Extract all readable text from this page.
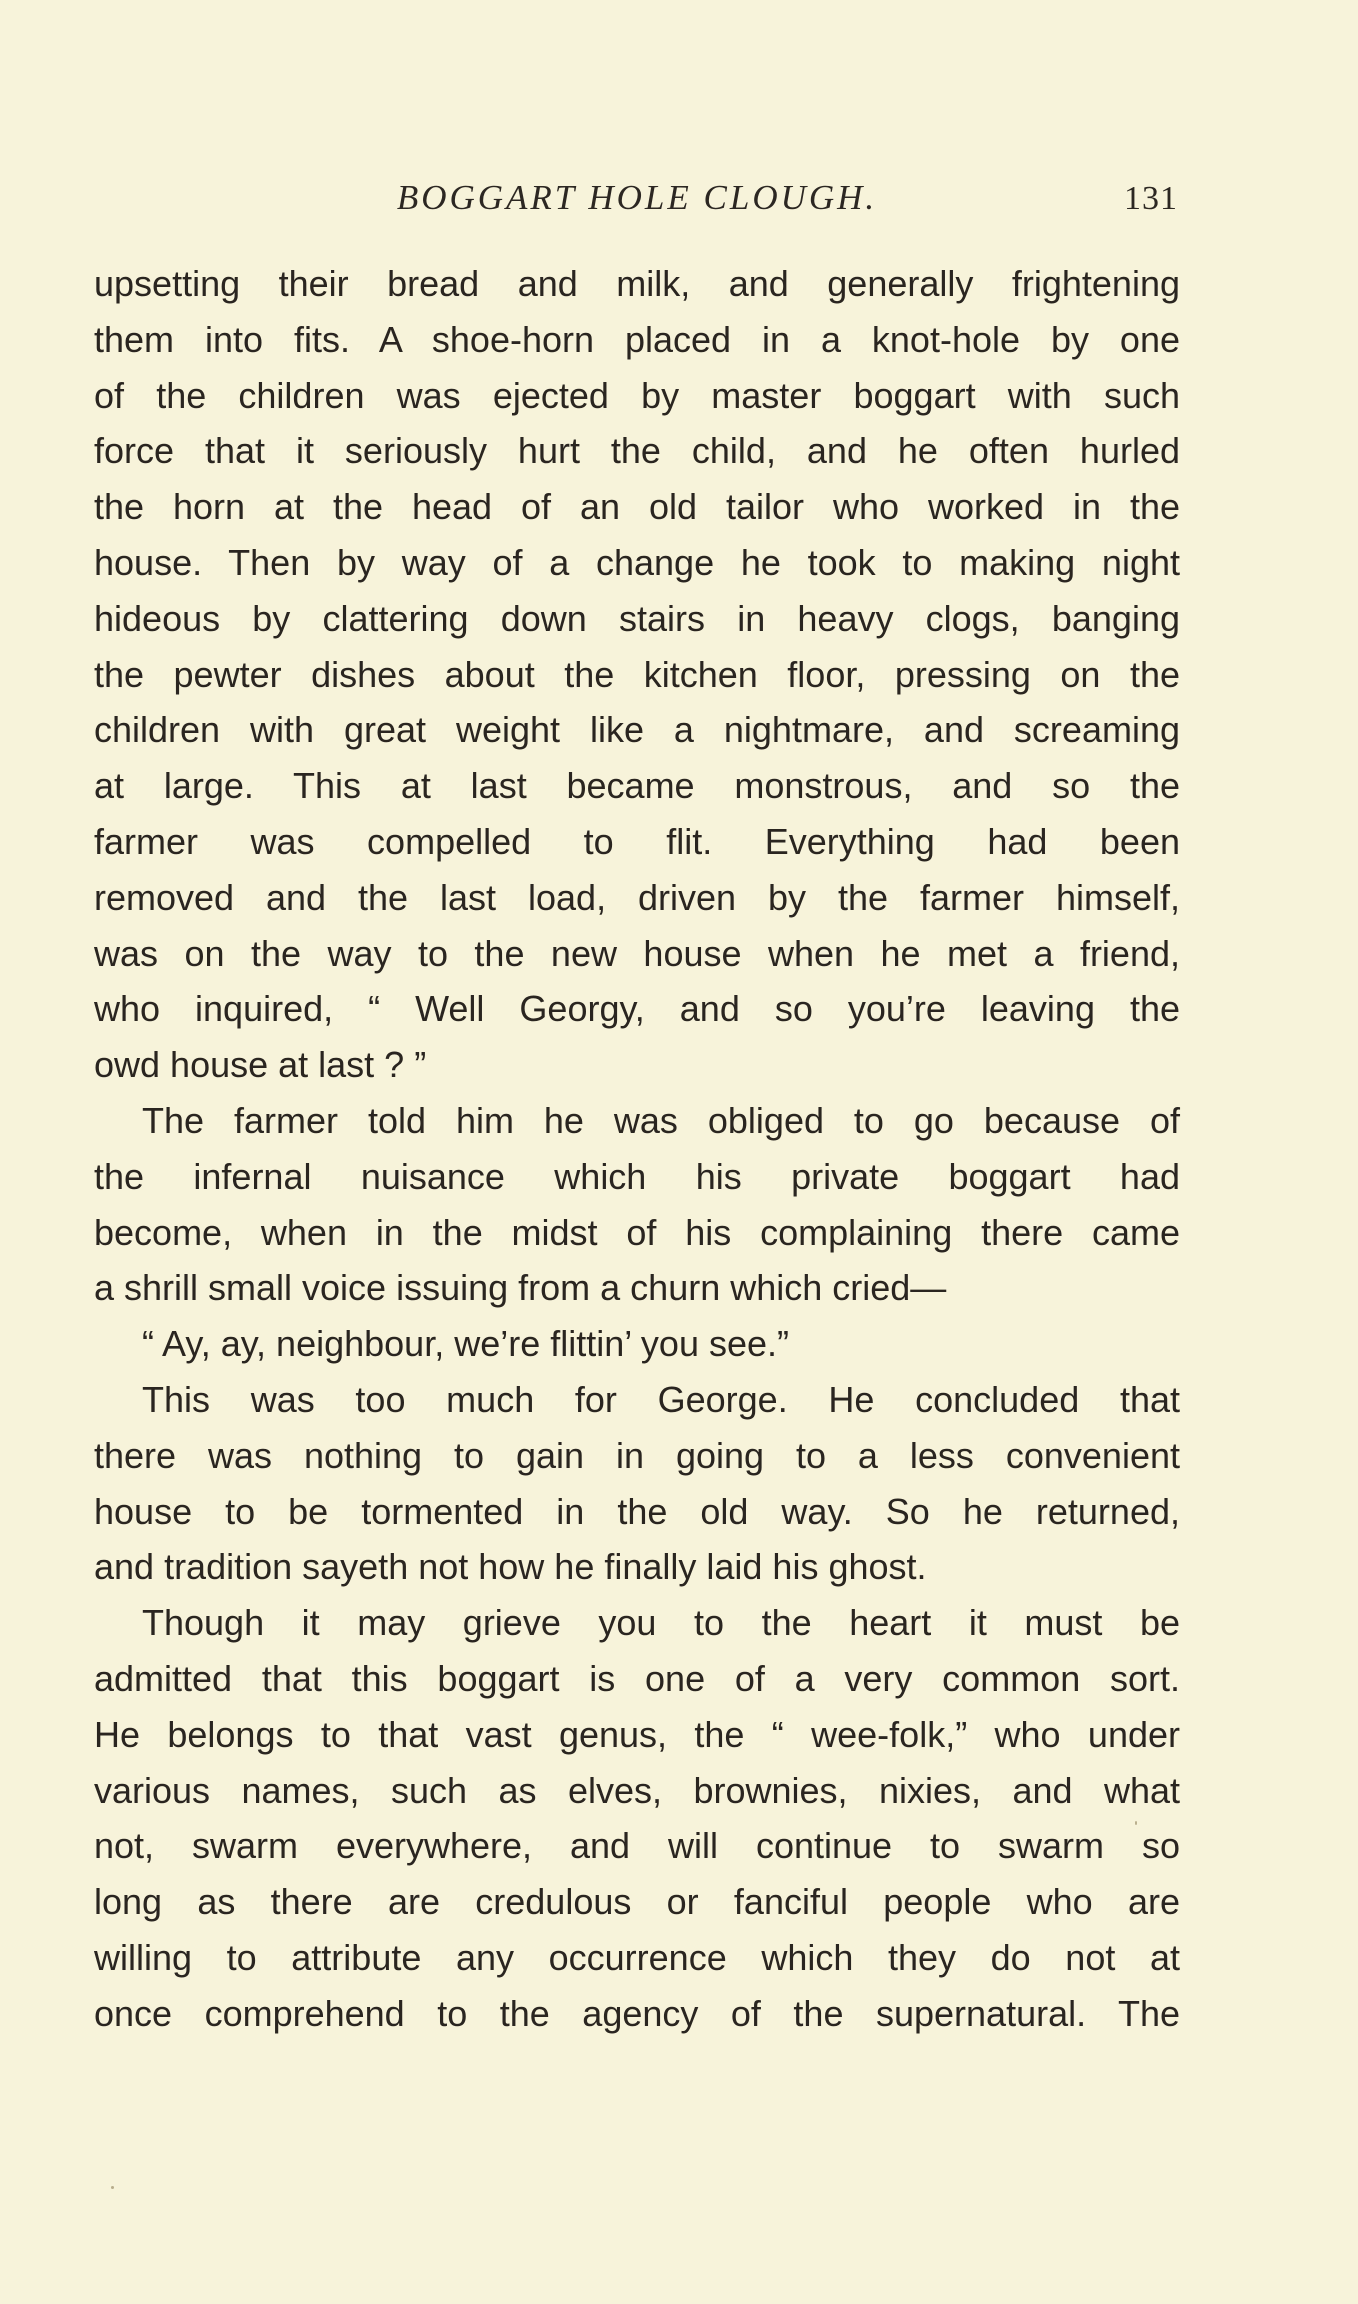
BOGGART HOLE CLOUGH.	131
upsetting their bread and milk, and generally frightening
them into fits. A shoe-horn placed in a knot-hole by one
of the children was ejected by master boggart with such
force that it seriously hurt the child, and he often hurled
the horn at the head of an old tailor who worked in the
house. Then by way of a change he took to making night
hideous by clattering down stairs in heavy clogs, banging
the pewter dishes about the kitchen floor, pressing on the
children with great weight like a nightmare, and screaming
at large. This at last became monstrous, and so the
farmer was compelled to flit. Everything had been
removed and the last load, driven by the farmer himself,
was on the way to the new house when he met a friend,
who inquired, “ Well Georgy, and so you’re leaving the
owd house at last ? ”
The farmer told him he was obliged to go because of
the infernal nuisance which his private boggart had
become, when in the midst of his complaining there came
a shrill small voice issuing from a churn which cried—
“ Ay, ay, neighbour, we’re flittin’ you see.”
This was too much for George. He concluded that
there was nothing to gain in going to a less convenient
house to be tormented in the old way. So he returned,
and tradition sayeth not how he finally laid his ghost.
Though it may grieve you to the heart it must be
admitted that this boggart is one of a very common sort.
He belongs to that vast genus, the “ wee-folk,” who under
various names, such as elves, brownies, nixies, and what
not, swarm everywhere, and will continue to swarm so
long as there are credulous or fanciful people who are
willing to attribute any occurrence which they do not at
once comprehend to the agency of the supernatural. The
